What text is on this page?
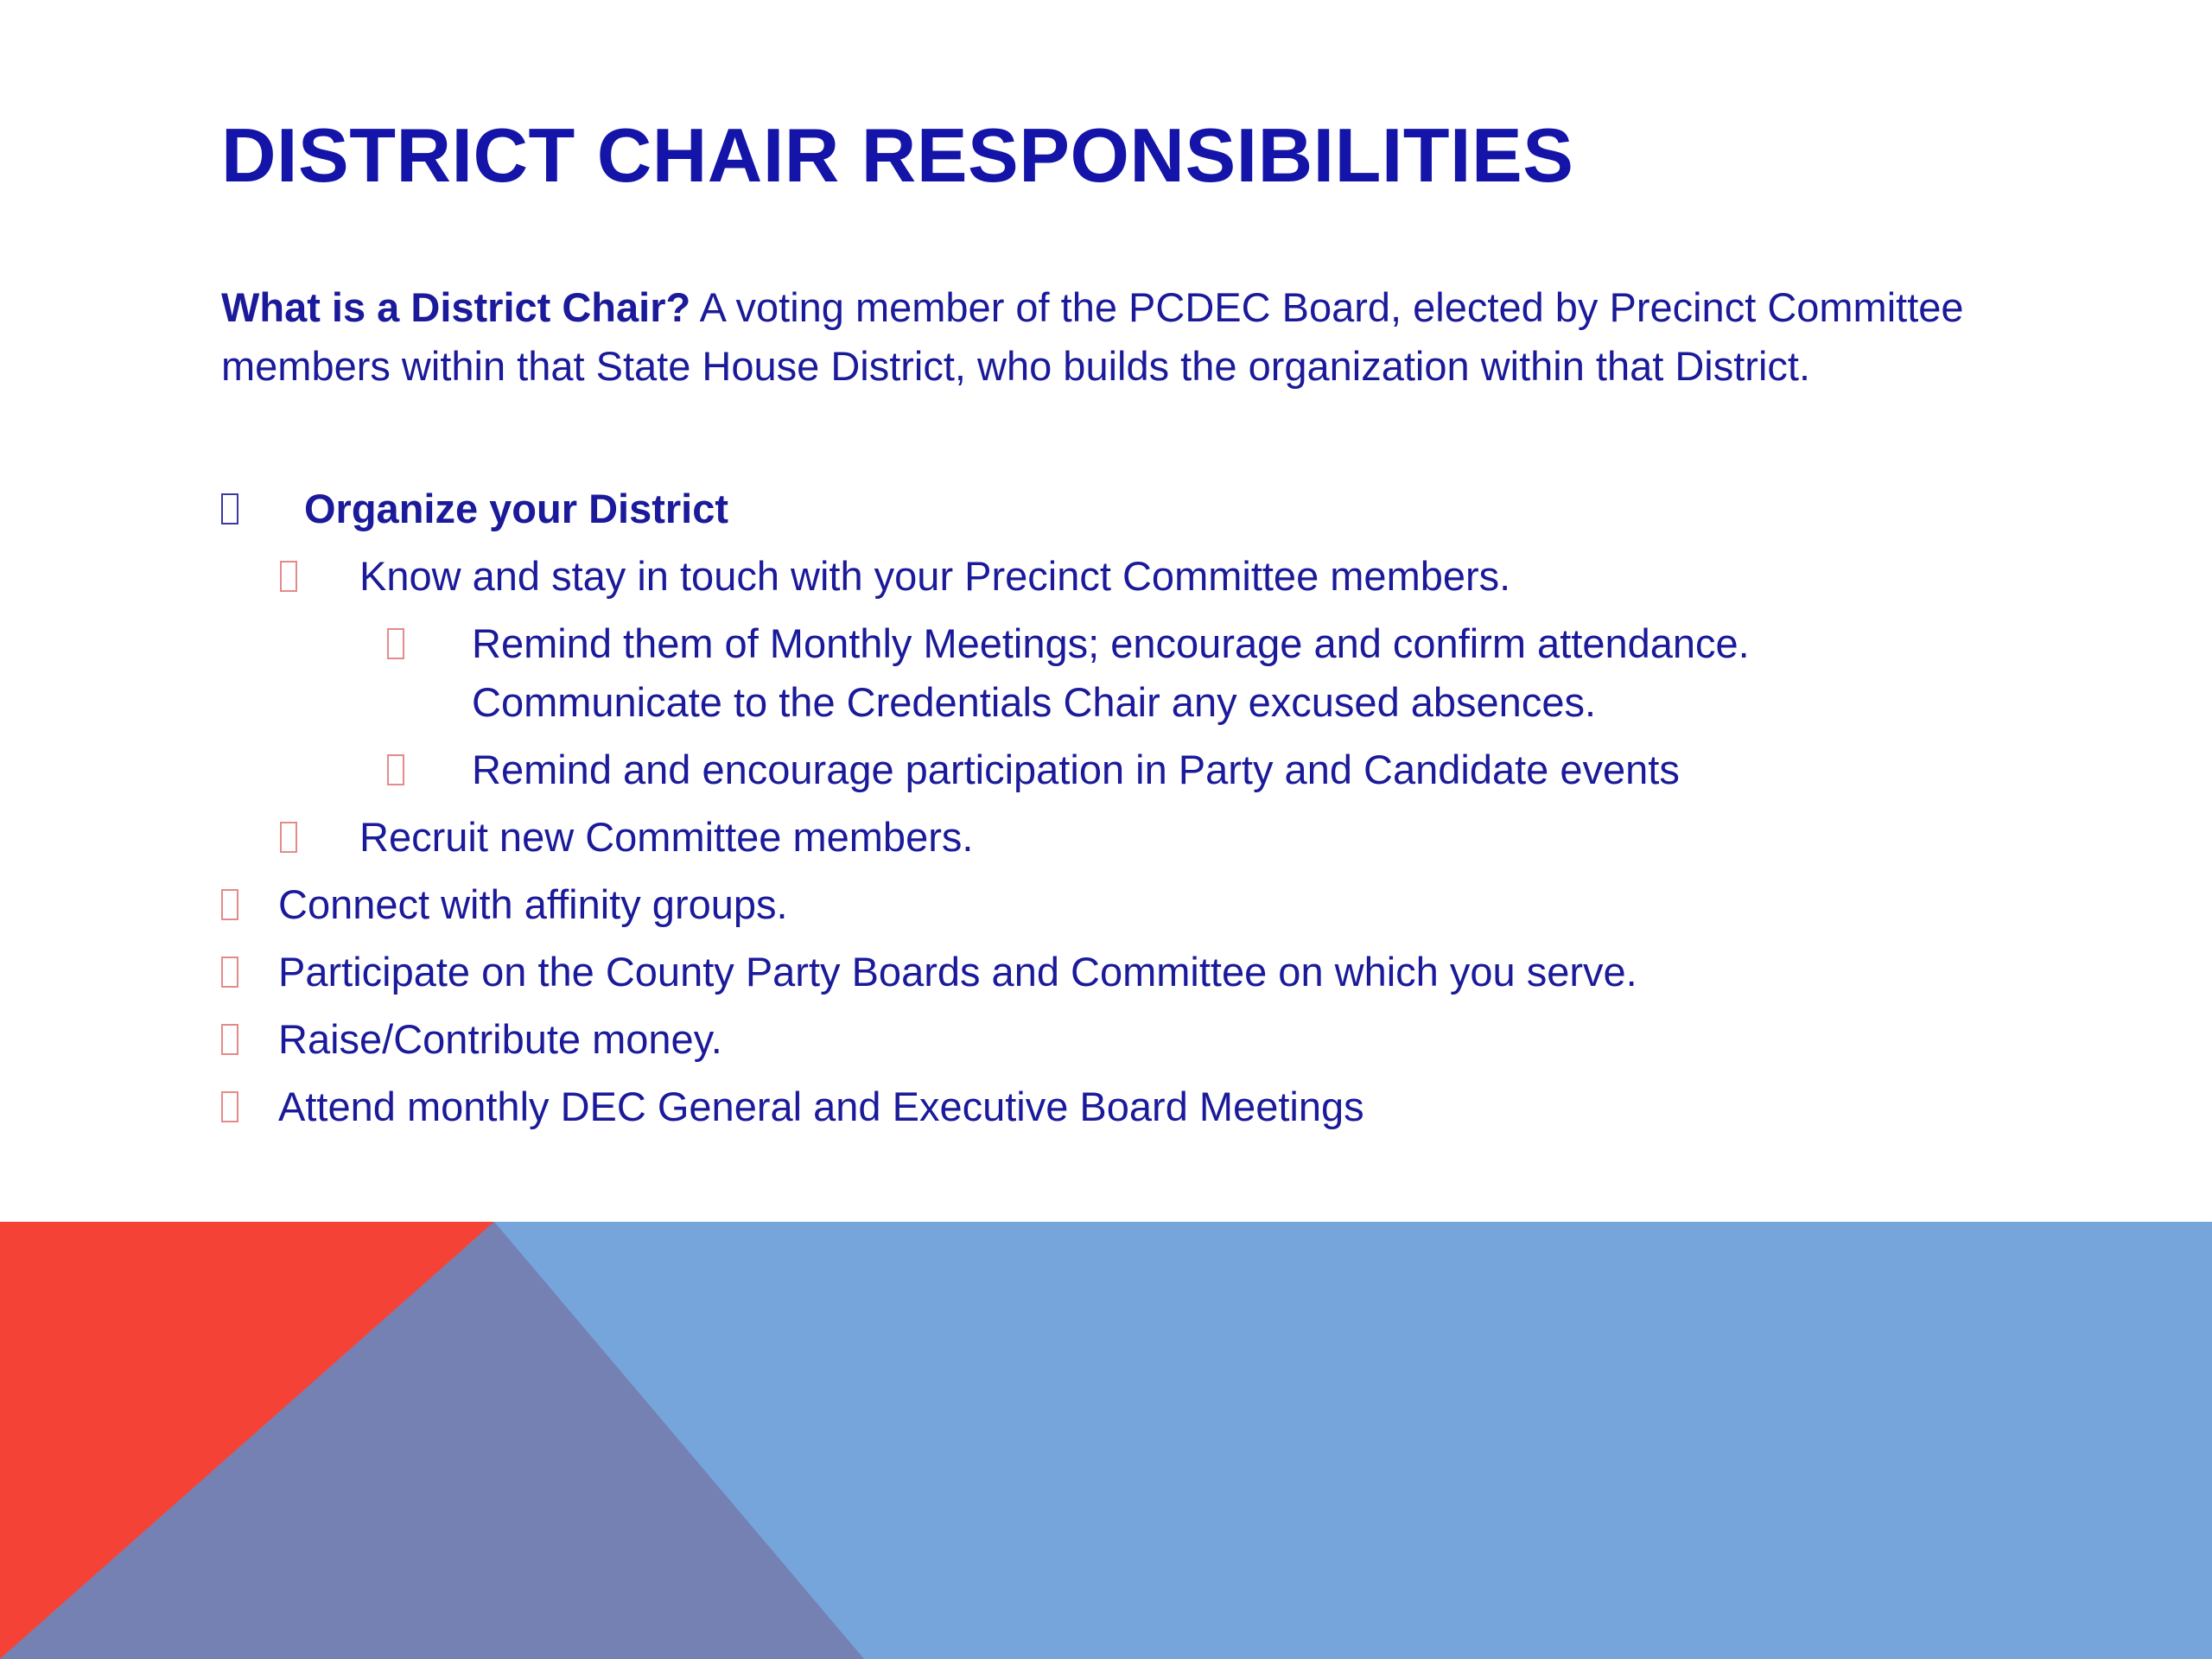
DISTRICT CHAIR RESPONSIBILITIES

What is a District Chair? A voting member of the PCDEC Board, elected by Precinct Committee members within that State House District, who builds the organization within that District.

Organize your District
Know and stay in touch with your Precinct Committee members.
Remind them of Monthly Meetings; encourage and confirm attendance.
Communicate to the Credentials Chair any excused absences.
Remind and encourage participation in Party and Candidate events
Recruit new Committee members.
Connect with affinity groups.
Participate on the County Party Boards and Committee on which you serve.
Raise/Contribute money.
Attend monthly DEC General and Executive Board Meetings
